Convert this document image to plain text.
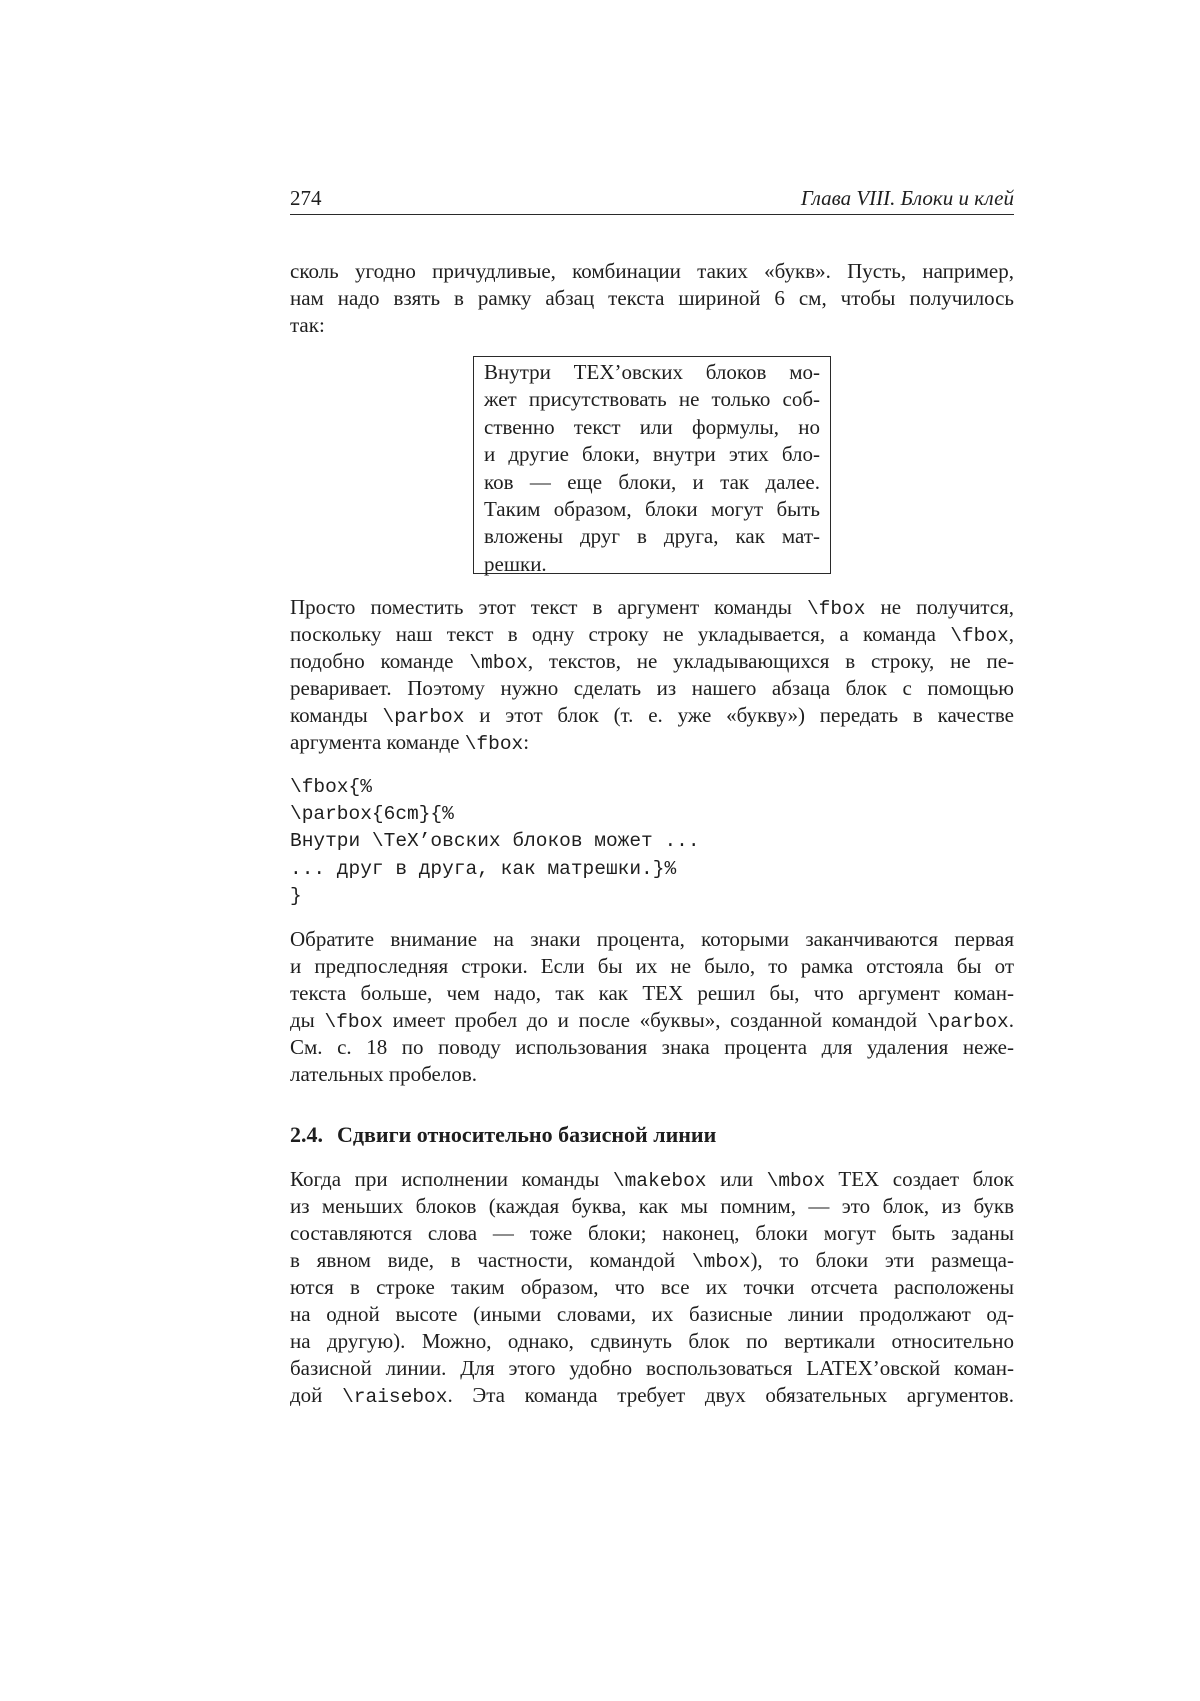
274	Глава VIII. Блоки и клей
сколь угодно причудливые, комбинации таких «букв». Пусть, например,
нам надо взять в рамку абзац текста шириной 6 см, чтобы получилось
так:
Внутри TEX’овских блоков мо-
жет присутствовать не только соб-
ственно текст или формулы, но
и другие блоки, внутри этих бло-
ков — еще блоки, и так далее.
Таким образом, блоки могут быть
вложены друг в друга, как мат-
решки.
Просто поместить этот текст в аргумент команды \fbox не получится,
поскольку наш текст в одну строку не укладывается, а команда \fbox,
подобно команде \mbox, текстов, не укладывающихся в строку, не пе-
реваривает. Поэтому нужно сделать из нашего абзаца блок с помощью
команды \parbox и этот блок (т. е. уже «букву») передать в качестве
аргумента команде \fbox:
\fbox{%
\parbox{6cm}{%
Внутри \TeX’овских блоков может ...
... друг в друга, как матрешки.}%
}
Обратите внимание на знаки процента, которыми заканчиваются первая
и предпоследняя строки. Если бы их не было, то рамка отстояла бы от
текста больше, чем надо, так как TEX решил бы, что аргумент коман-
ды \fbox имеет пробел до и после «буквы», созданной командой \parbox.
См. с. 18 по поводу использования знака процента для удаления неже-
лательных пробелов.
2.4. Сдвиги относительно базисной линии
Когда при исполнении команды \makebox или \mbox TEX создает блок
из меньших блоков (каждая буква, как мы помним, — это блок, из букв
составляются слова — тоже блоки; наконец, блоки могут быть заданы
в явном виде, в частности, командой \mbox), то блоки эти размеща-
ются в строке таким образом, что все их точки отсчета расположены
на одной высоте (иными словами, их базисные линии продолжают од-
на другую). Можно, однако, сдвинуть блок по вертикали относительно
базисной линии. Для этого удобно воспользоваться LATEX’овской коман-
дой \raisebox. Эта команда требует двух обязательных аргументов.
